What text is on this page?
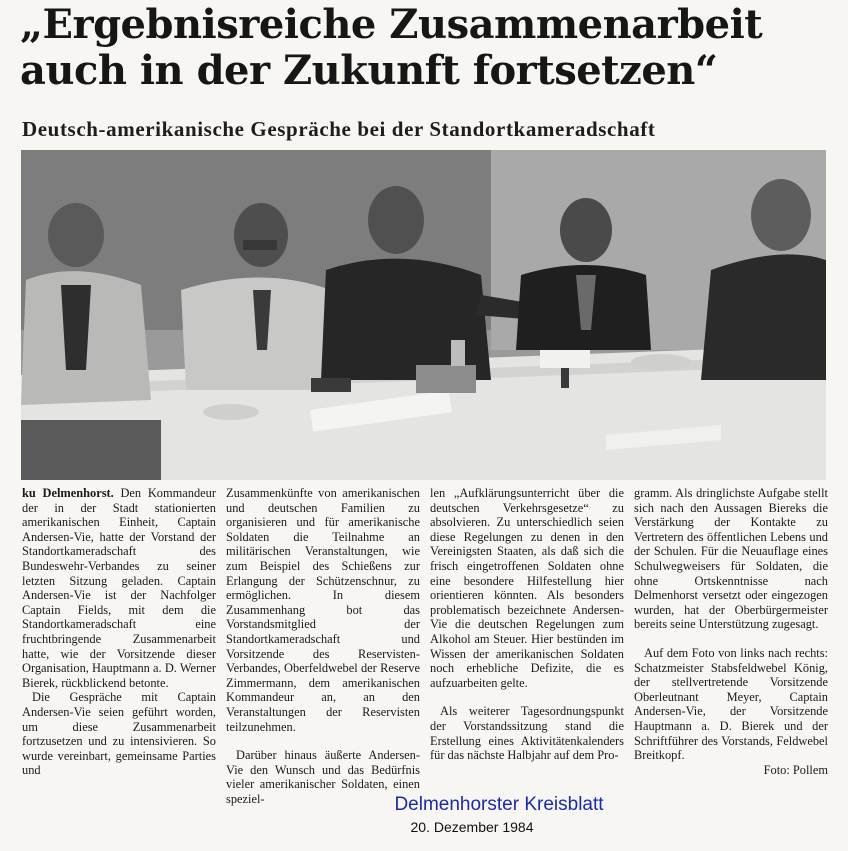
„Ergebnisreiche Zusammenarbeit auch in der Zukunft fortsetzen“
Deutsch-amerikanische Gespräche bei der Standortkameradschaft

ku Delmenhorst. Den Kommandeur der in der Stadt stationierten amerikanischen Einheit, Captain Andersen-Vie, hatte der Vorstand der Standortkameradschaft des Bundeswehr-Verbandes zu seiner letzten Sitzung geladen. Captain Andersen-Vie ist der Nachfolger Captain Fields, mit dem die Standortkameradschaft eine fruchtbringende Zusammenarbeit hatte, wie der Vorsitzende dieser Organisation, Hauptmann a. D. Werner Bierek, rückblickend betonte.

Die Gespräche mit Captain Andersen-Vie seien geführt worden, um diese Zusammenarbeit fortzusetzen und zu intensivieren. So wurde vereinbart, gemeinsame Parties und

Zusammenkünfte von amerikanischen und deutschen Familien zu organisieren und für amerikanische Soldaten die Teilnahme an militärischen Veranstaltungen, wie zum Beispiel des Schießens zur Erlangung der Schützenschnur, zu ermöglichen. In diesem Zusammenhang bot das Vorstandsmitglied der Standortkameradschaft und Vorsitzende des Reservisten-Verbandes, Oberfeldwebel der Reserve Zimmermann, dem amerikanischen Kommandeur an, an den Veranstaltungen der Reservisten teilzunehmen.

Darüber hinaus äußerte Andersen-Vie den Wunsch und das Bedürfnis vieler amerikanischer Soldaten, einen speziel-

len „Aufklärungsunterricht über die deutschen Verkehrsgesetze“ zu absolvieren. Zu unterschiedlich seien diese Regelungen zu denen in den Vereinigsten Staaten, als daß sich die frisch eingetroffenen Soldaten ohne eine besondere Hilfestellung hier orientieren könnten. Als besonders problematisch bezeichnete Andersen-Vie die deutschen Regelungen zum Alkohol am Steuer. Hier bestünden im Wissen der amerikanischen Soldaten noch erhebliche Defizite, die es aufzuarbeiten gelte.

Als weiterer Tagesordnungspunkt der Vorstandssitzung stand die Erstellung eines Aktivitätenkalenders für das nächste Halbjahr auf dem Pro-

gramm. Als dringlichste Aufgabe stellt sich nach den Aussagen Biereks die Verstärkung der Kontakte zu Vertretern des öffentlichen Lebens und der Schulen. Für die Neuauflage eines Schulwegweisers für Soldaten, die ohne Ortskenntnisse nach Delmenhorst versetzt oder eingezogen wurden, hat der Oberbürgermeister bereits seine Unterstützung zugesagt.

Auf dem Foto von links nach rechts: Schatzmeister Stabsfeldwebel König, der stellvertretende Vorsitzende Oberleutnant Meyer, Captain Andersen-Vie, der Vorsitzende Hauptmann a. D. Bierek und der Schriftführer des Vorstands, Feldwebel Breitkopf.

Foto: Pollem

Delmenhorster Kreisblatt

20. Dezember 1984
